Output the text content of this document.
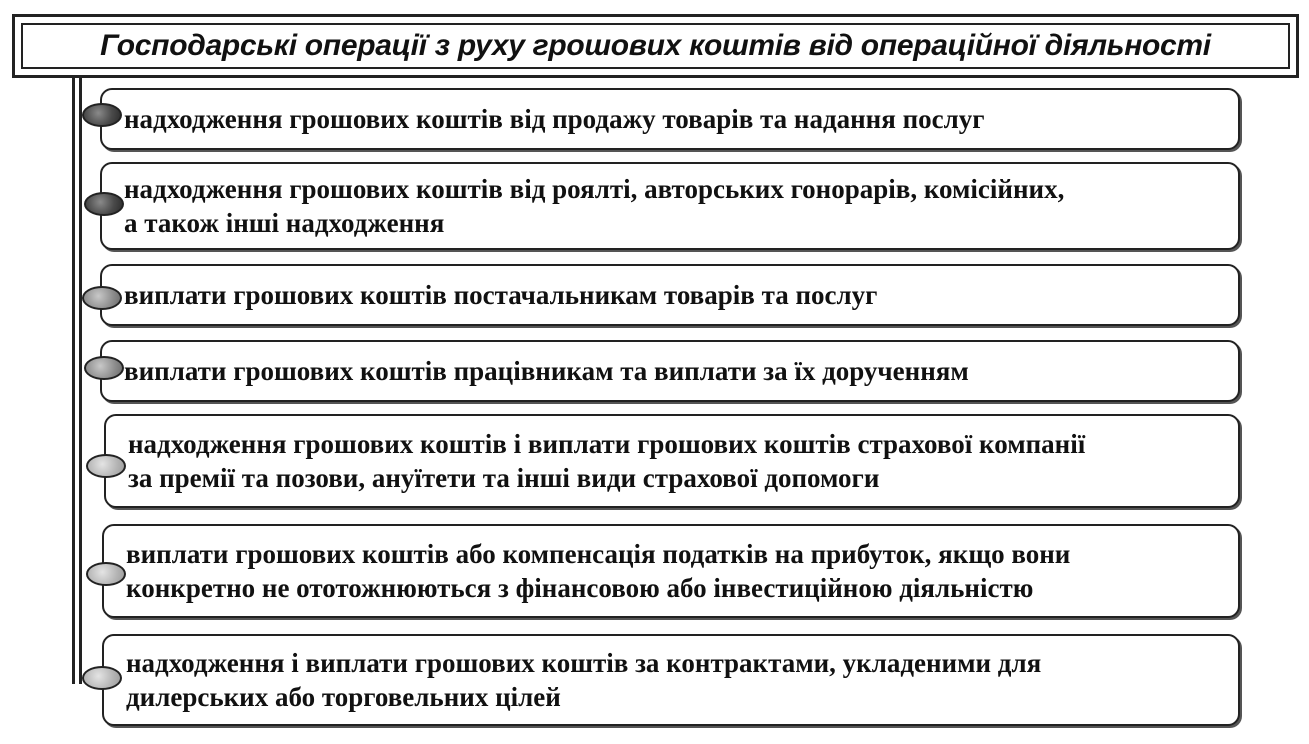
Господарські операції з руху грошових коштів від операційної діяльності
надходження грошових коштів від продажу товарів та надання послуг
надходження грошових коштів від роялті, авторських гонорарів, комісійних,
а також інші надходження
виплати грошових коштів постачальникам товарів та послуг
виплати грошових коштів працівникам та виплати за їх дорученням
надходження грошових коштів і виплати грошових коштів страхової компанії
за премії та позови, ануїтети та інші види страхової допомоги
виплати грошових коштів або компенсація податків на прибуток, якщо вони
конкретно не ототожнюються з фінансовою або інвестиційною діяльністю
надходження і виплати грошових коштів за контрактами, укладеними для
дилерських або торговельних цілей
